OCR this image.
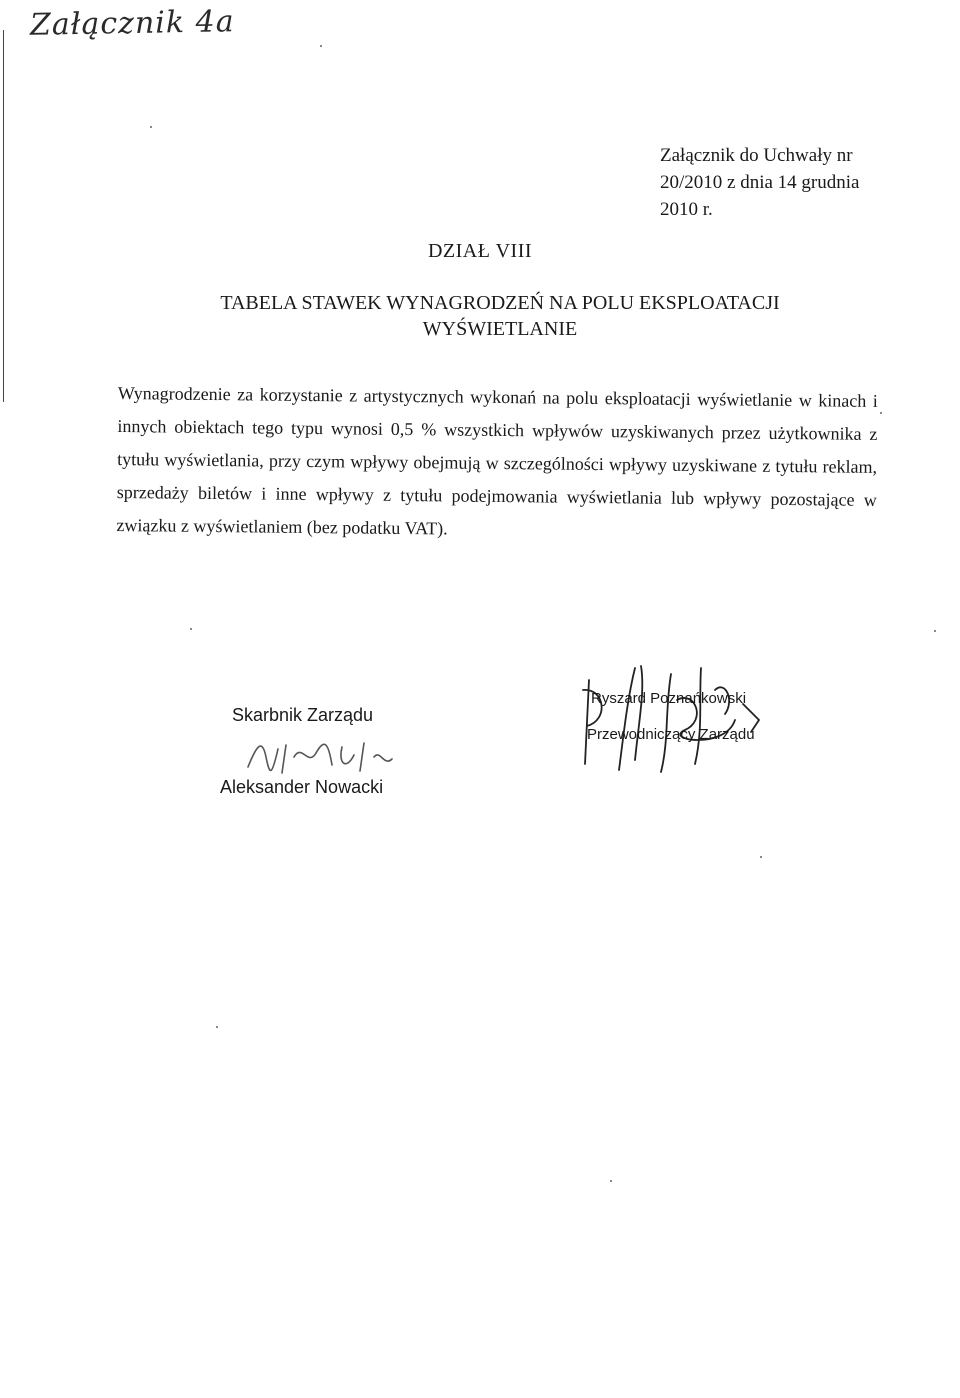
Załącznik 4a
Załącznik do Uchwały nr
20/2010 z dnia 14 grudnia
2010 r.
DZIAŁ VIII
TABELA STAWEK WYNAGRODZEŃ NA POLU EKSPLOATACJI
WYŚWIETLANIE
Wynagrodzenie za korzystanie z artystycznych wykonań na polu eksploatacji wyświetlanie w kinach i innych obiektach tego typu wynosi 0,5 % wszystkich wpływów uzyskiwanych przez użytkownika z tytułu wyświetlania, przy czym wpływy obejmują w szczególności wpływy uzyskiwane z tytułu reklam, sprzedaży biletów i inne wpływy z tytułu podejmowania wyświetlania lub wpływy pozostające w związku z wyświetlaniem (bez podatku VAT).
Skarbnik Zarządu
Aleksander Nowacki
Ryszard Poznańkowski
Przewodniczący Zarządu
